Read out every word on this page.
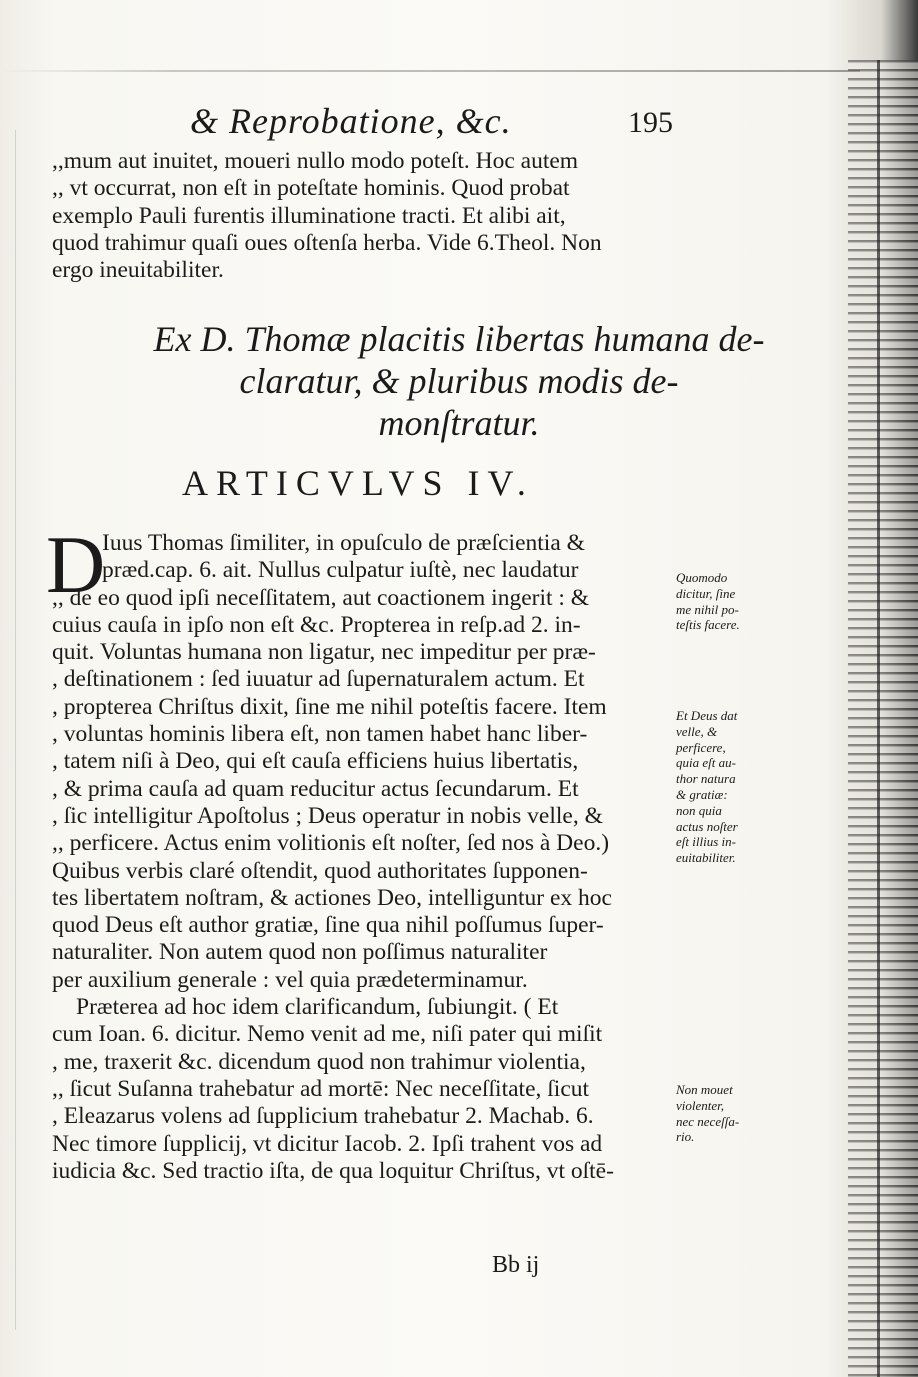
& Reprobatione, &c.	195

,,mum aut inuitet, moueri nullo modo poteſt. Hoc autem

,, vt occurrat, non eſt in poteſtate hominis. Quod probat

exemplo Pauli furentis illuminatione tracti. Et alibi ait,

quod trahimur quaſi oues oſtenſa herba. Vide 6.Theol. Non

ergo ineuitabiliter.

Ex D. Thomæ placitis libertas humana de-
claratur, & pluribus modis de-
monſtratur.
ARTICVLVS IV.
D

Iuus Thomas ſimiliter, in opuſculo de præſcientia &

præd.cap. 6. ait. Nullus culpatur iuſtè, nec laudatur

,, de eo quod ipſi neceſſitatem, aut coactionem ingerit : &

cuius cauſa in ipſo non eſt &c. Propterea in reſp.ad 2. in-

quit. Voluntas humana non ligatur, nec impeditur per præ-

, deſtinationem : ſed iuuatur ad ſupernaturalem actum. Et

, propterea Chriſtus dixit, ſine me nihil poteſtis facere. Item

, voluntas hominis libera eſt, non tamen habet hanc liber-

, tatem niſi à Deo, qui eſt cauſa efficiens huius libertatis,

, & prima cauſa ad quam reducitur actus ſecundarum. Et

, ſic intelligitur Apoſtolus ; Deus operatur in nobis velle, &

,, perficere. Actus enim volitionis eſt noſter, ſed nos à Deo.)

Quibus verbis claré oſtendit, quod authoritates ſupponen-

tes libertatem noſtram, & actiones Deo, intelliguntur ex hoc

quod Deus eſt author gratiæ, ſine qua nihil poſſumus ſuper-

naturaliter. Non autem quod non poſſimus naturaliter

per auxilium generale : vel quia prædeterminamur.

Præterea ad hoc idem clarificandum, ſubiungit. ( Et

cum Ioan. 6. dicitur. Nemo venit ad me, niſi pater qui miſit

, me, traxerit &c. dicendum quod non trahimur violentia,

,, ſicut Suſanna trahebatur ad mortē: Nec neceſſitate, ſicut

, Eleazarus volens ad ſupplicium trahebatur 2. Machab. 6.

Nec timore ſupplicij, vt dicitur Iacob. 2. Ipſi trahent vos ad

iudicia &c. Sed tractio iſta, de qua loquitur Chriſtus, vt oſtē-

Quomodo

dicitur, ſine

me nihil po-

teſtis facere.

Et Deus dat

velle, &

perficere,

quia eſt au-

thor natura

& gratiæ:

non quia

actus noſter

eſt illius in-

euitabiliter.

Non mouet

violenter,

nec neceſſa-

rio.

Bb ij
